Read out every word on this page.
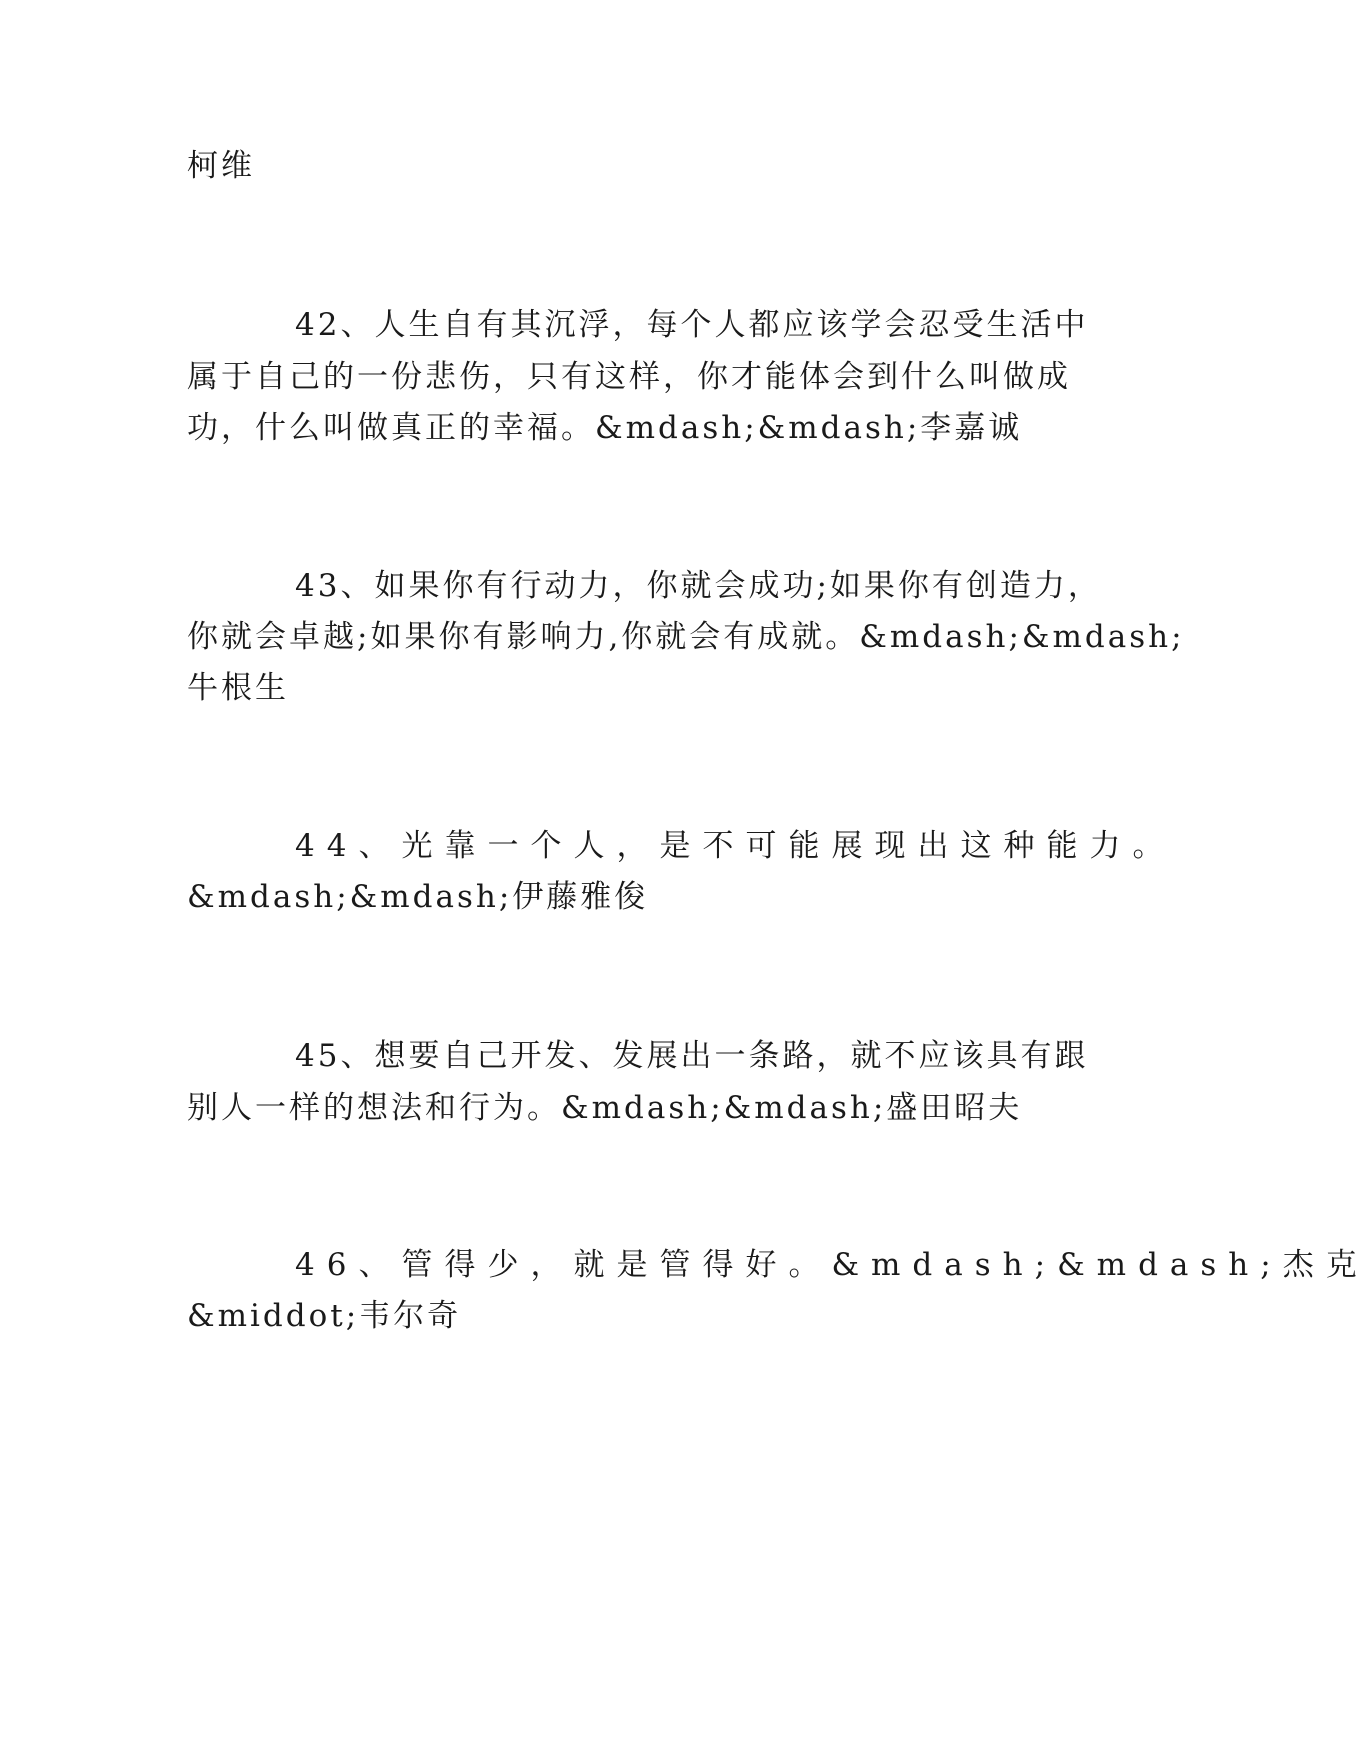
柯维
42、人生自有其沉浮，每个人都应该学会忍受生活中
属于自己的一份悲伤，只有这样，你才能体会到什么叫做成
功，什么叫做真正的幸福。&mdash;&mdash;李嘉诚
43、如果你有行动力，你就会成功;如果你有创造力，
你就会卓越;如果你有影响力,你就会有成就。&mdash;&mdash;
牛根生
44、光靠一个人，是不可能展现出这种能力。
&mdash;&mdash;伊藤雅俊
45、想要自己开发、发展出一条路，就不应该具有跟
别人一样的想法和行为。&mdash;&mdash;盛田昭夫
46、管得少，就是管得好。&mdash;&mdash;杰克
&middot;韦尔奇
